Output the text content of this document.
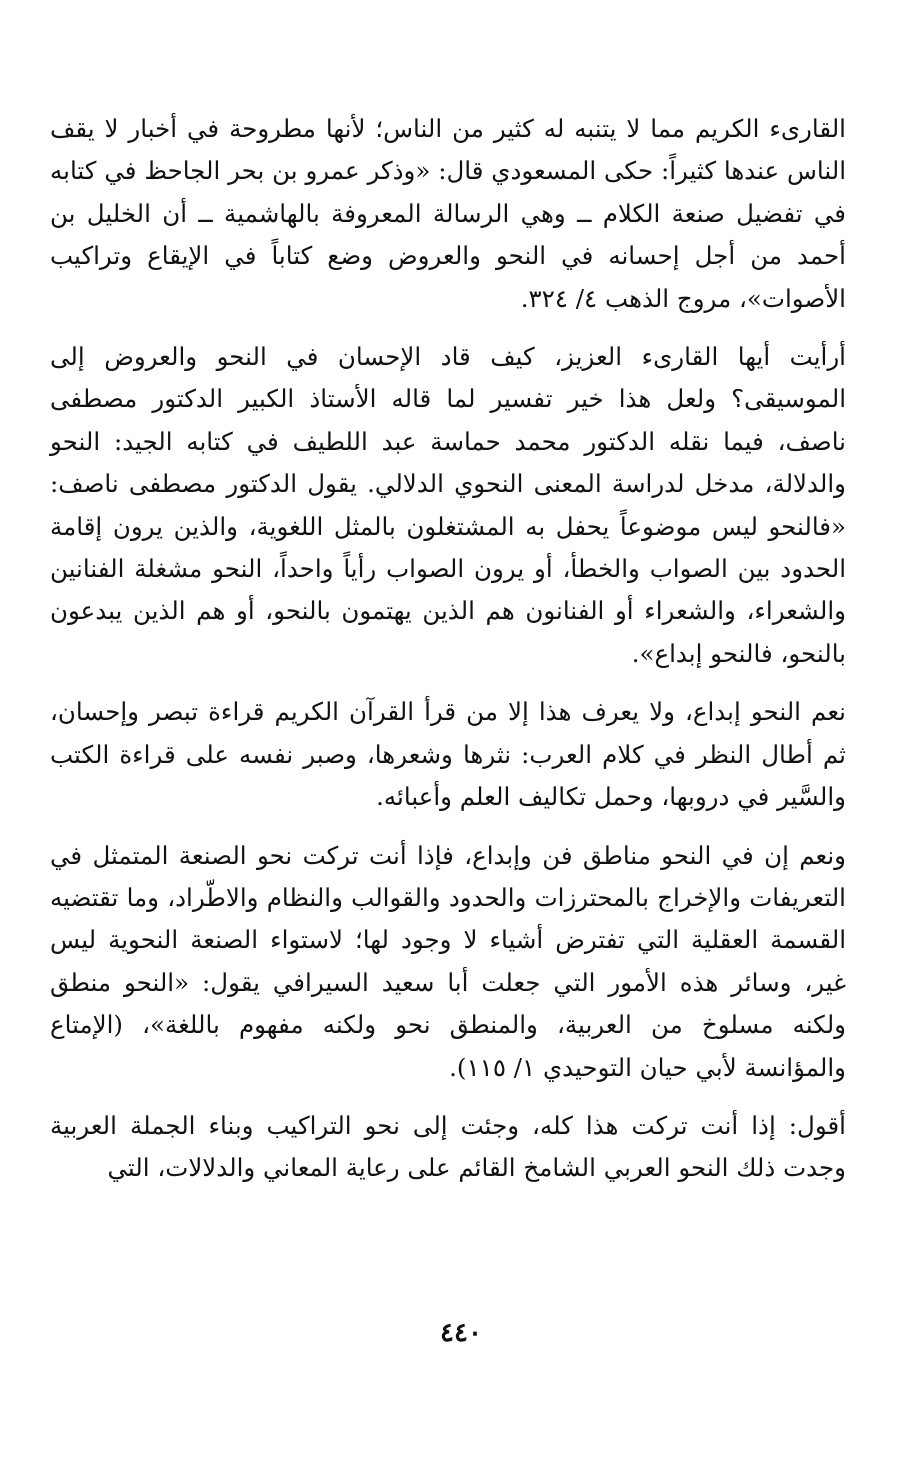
القارىء الكريم مما لا يتنبه له كثير من الناس؛ لأنها مطروحة في أخبار لا يقف الناس عندها كثيراً: حكى المسعودي قال: «وذكر عمرو بن بحر الجاحظ في كتابه في تفضيل صنعة الكلام ــ وهي الرسالة المعروفة بالهاشمية ــ أن الخليل بن أحمد من أجل إحسانه في النحو والعروض وضع كتاباً في الإيقاع وتراكيب الأصوات»، مروج الذهب ٤/ ٣٢٤.

أرأيت أيها القارىء العزيز، كيف قاد الإحسان في النحو والعروض إلى الموسيقى؟ ولعل هذا خير تفسير لما قاله الأستاذ الكبير الدكتور مصطفى ناصف، فيما نقله الدكتور محمد حماسة عبد اللطيف في كتابه الجيد: النحو والدلالة، مدخل لدراسة المعنى النحوي الدلالي. يقول الدكتور مصطفى ناصف: «فالنحو ليس موضوعاً يحفل به المشتغلون بالمثل اللغوية، والذين يرون إقامة الحدود بين الصواب والخطأ، أو يرون الصواب رأياً واحداً، النحو مشغلة الفنانين والشعراء، والشعراء أو الفنانون هم الذين يهتمون بالنحو، أو هم الذين يبدعون بالنحو، فالنحو إبداع».

نعم النحو إبداع، ولا يعرف هذا إلا من قرأ القرآن الكريم قراءة تبصر وإحسان، ثم أطال النظر في كلام العرب: نثرها وشعرها، وصبر نفسه على قراءة الكتب والسَّير في دروبها، وحمل تكاليف العلم وأعبائه.

ونعم إن في النحو مناطق فن وإبداع، فإذا أنت تركت نحو الصنعة المتمثل في التعريفات والإخراج بالمحترزات والحدود والقوالب والنظام والاطّراد، وما تقتضيه القسمة العقلية التي تفترض أشياء لا وجود لها؛ لاستواء الصنعة النحوية ليس غير، وسائر هذه الأمور التي جعلت أبا سعيد السيرافي يقول: «النحو منطق ولكنه مسلوخ من العربية، والمنطق نحو ولكنه مفهوم باللغة»، (الإمتاع والمؤانسة لأبي حيان التوحيدي ١/ ١١٥).

أقول: إذا أنت تركت هذا كله، وجئت إلى نحو التراكيب وبناء الجملة العربية وجدت ذلك النحو العربي الشامخ القائم على رعاية المعاني والدلالات، التي

٤٤٠
